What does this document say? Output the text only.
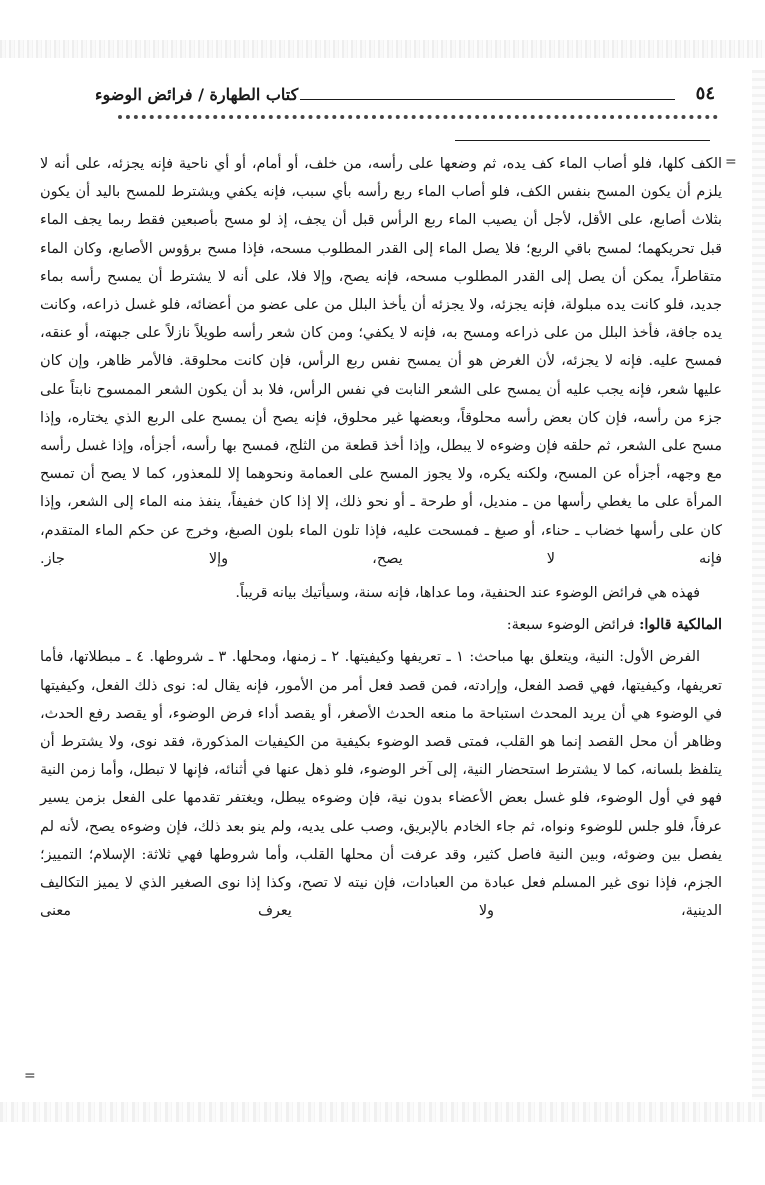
٥٤
كتاب الطهارة / فرائض الوضوء
=
=

الكف كلها، فلو أصاب الماء كف يده، ثم وضعها على رأسه، من خلف، أو أمام، أو أي ناحية فإنه يجزئه، على أنه لا يلزم أن يكون المسح بنفس الكف، فلو أصاب الماء ربع رأسه بأي سبب، فإنه يكفي ويشترط للمسح باليد أن يكون بثلاث أصابع، على الأقل، لأجل أن يصيب الماء ربع الرأس قبل أن يجف، إذ لو مسح بأصبعين فقط ربما يجف الماء قبل تحريكهما؛ لمسح باقي الربع؛ فلا يصل الماء إلى القدر المطلوب مسحه، فإذا مسح برؤوس الأصابع، وكان الماء متقاطراً، يمكن أن يصل إلى القدر المطلوب مسحه، فإنه يصح، وإلا فلا، على أنه لا يشترط أن يمسح رأسه بماء جديد، فلو كانت يده مبلولة، فإنه يجزئه، ولا يجزئه أن يأخذ البلل من على عضو من أعضائه، فلو غسل ذراعه، وكانت يده جافة، فأخذ البلل من على ذراعه ومسح به، فإنه لا يكفي؛ ومن كان شعر رأسه طويلاً نازلاً على جبهته، أو عنقه، فمسح عليه. فإنه لا يجزئه، لأن الغرض هو أن يمسح نفس ربع الرأس، فإن كانت محلوقة. فالأمر ظاهر، وإن كان عليها شعر، فإنه يجب عليه أن يمسح على الشعر النابت في نفس الرأس، فلا بد أن يكون الشعر الممسوح نابتاً على جزء من رأسه، فإن كان بعض رأسه محلوقاً، وبعضها غير محلوق، فإنه يصح أن يمسح على الربع الذي يختاره، وإذا مسح على الشعر، ثم حلقه فإن وضوءه لا يبطل، وإذا أخذ قطعة من الثلج، فمسح بها رأسه، أجزأه، وإذا غسل رأسه مع وجهه، أجزأه عن المسح، ولكنه يكره، ولا يجوز المسح على العمامة ونحوهما إلا للمعذور، كما لا يصح أن تمسح المرأة على ما يغطي رأسها من ـ منديل، أو طرحة ـ أو نحو ذلك، إلا إذا كان خفيفاً، ينفذ منه الماء إلى الشعر، وإذا كان على رأسها خضاب ـ حناء، أو صبغ ـ فمسحت عليه، فإذا تلون الماء بلون الصبغ، وخرج عن حكم الماء المتقدم، فإنه لا يصح، وإلا جاز.

فهذه هي فرائض الوضوء عند الحنفية، وما عداها، فإنه سنة، وسيأتيك بيانه قريباً.

المالكية قالوا: فرائض الوضوء سبعة:

الفرض الأول: النية، ويتعلق بها مباحث: ١ ـ تعريفها وكيفيتها. ٢ ـ زمنها، ومحلها. ٣ ـ شروطها. ٤ ـ مبطلاتها، فأما تعريفها، وكيفيتها، فهي قصد الفعل، وإرادته، فمن قصد فعل أمر من الأمور، فإنه يقال له: نوى ذلك الفعل، وكيفيتها في الوضوء هي أن يريد المحدث استباحة ما منعه الحدث الأصغر، أو يقصد أداء فرض الوضوء، أو يقصد رفع الحدث، وظاهر أن محل القصد إنما هو القلب، فمتى قصد الوضوء بكيفية من الكيفيات المذكورة، فقد نوى، ولا يشترط أن يتلفظ بلسانه، كما لا يشترط استحضار النية، إلى آخر الوضوء، فلو ذهل عنها في أثنائه، فإنها لا تبطل، وأما زمن النية فهو في أول الوضوء، فلو غسل بعض الأعضاء بدون نية، فإن وضوءه يبطل، ويغتفر تقدمها على الفعل بزمن يسير عرفاً، فلو جلس للوضوء ونواه، ثم جاء الخادم بالإبريق، وصب على يديه، ولم ينو بعد ذلك، فإن وضوءه يصح، لأنه لم يفصل بين وضوئه، وبين النية فاصل كثير، وقد عرفت أن محلها القلب، وأما شروطها فهي ثلاثة: الإسلام؛ التمييز؛ الجزم، فإذا نوى غير المسلم فعل عبادة من العبادات، فإن نيته لا تصح، وكذا إذا نوى الصغير الذي لا يميز التكاليف الدينية، ولا يعرف معنى
